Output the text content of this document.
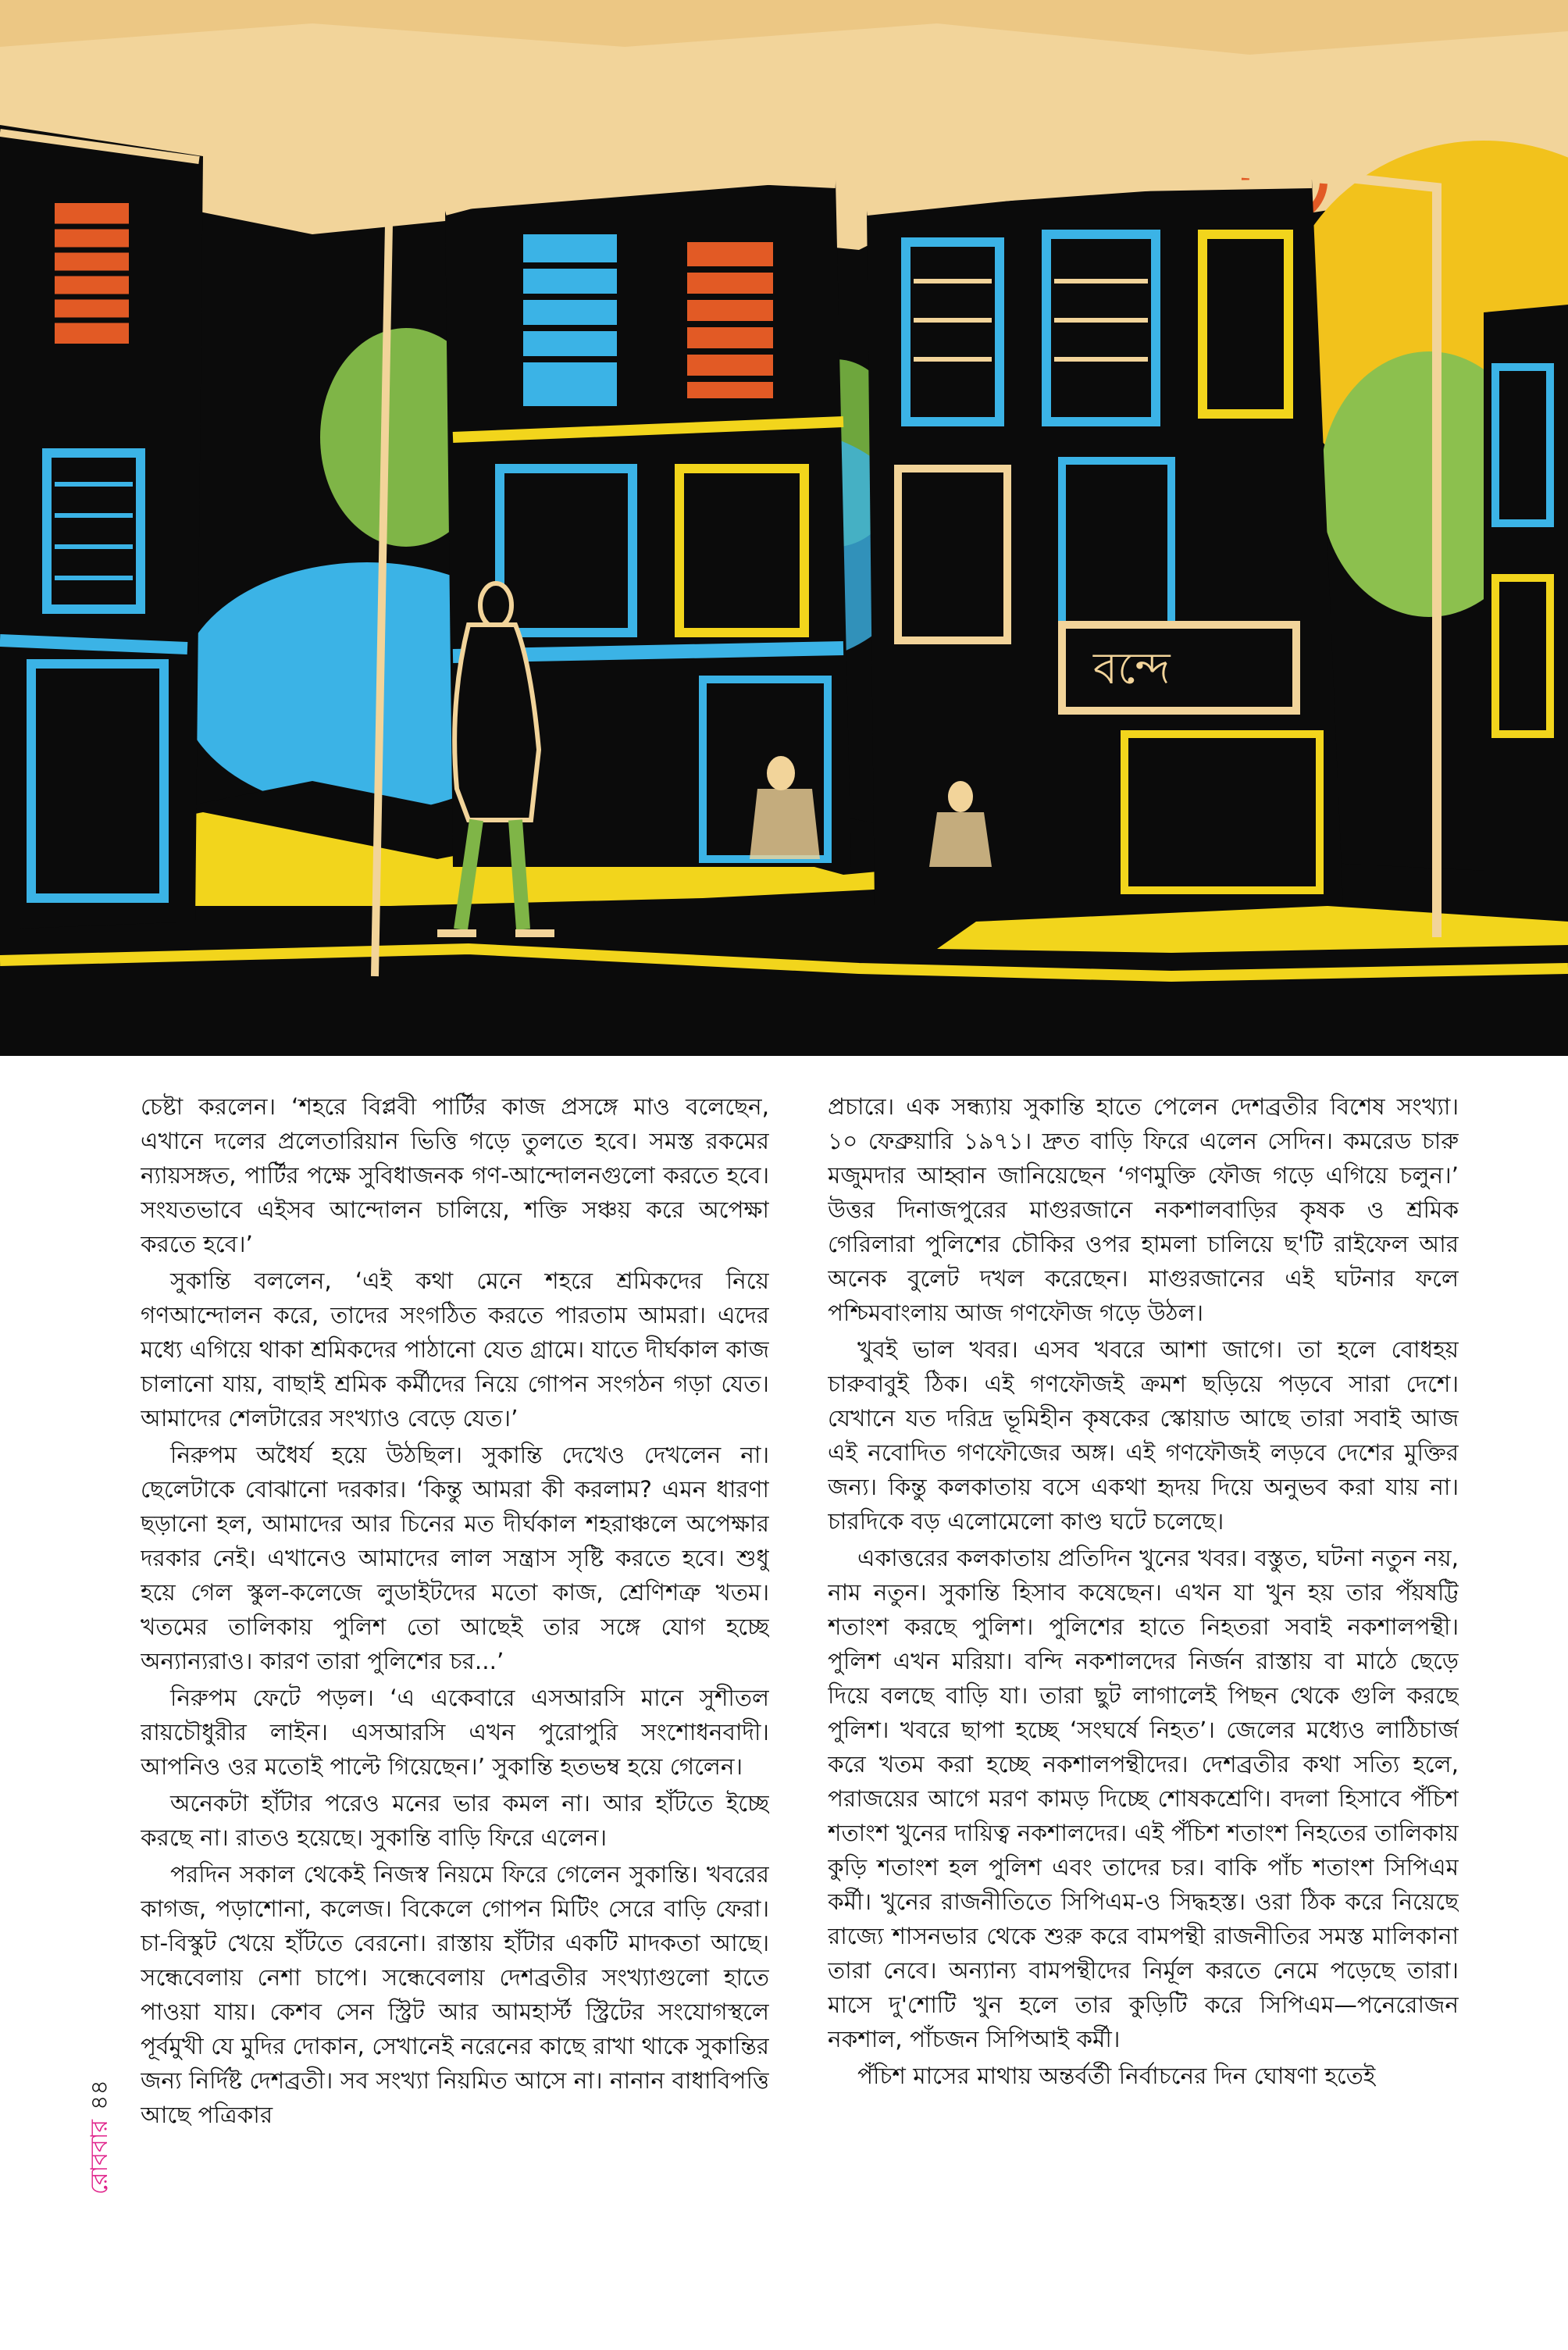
বন্দে
রোববার৪৪

চেষ্টা করলেন। ‘শহরে বিপ্লবী পার্টির কাজ প্রসঙ্গে মাও বলেছেন, এখানে দলের প্রলেতারিয়ান ভিত্তি গড়ে তুলতে হবে। সমস্ত রকমের ন্যায়সঙ্গত, পার্টির পক্ষে সুবিধাজনক গণ-আন্দোলনগুলো করতে হবে। সংযতভাবে এইসব আন্দোলন চালিয়ে, শক্তি সঞ্চয় করে অপেক্ষা করতে হবে।’

সুকান্তি বললেন, ‘এই কথা মেনে শহরে শ্রমিকদের নিয়ে গণআন্দোলন করে, তাদের সংগঠিত করতে পারতাম আমরা। এদের মধ্যে এগিয়ে থাকা শ্রমিকদের পাঠানো যেত গ্রামে। যাতে দীর্ঘকাল কাজ চালানো যায়, বাছাই শ্রমিক কর্মীদের নিয়ে গোপন সংগঠন গড়া যেত। আমাদের শেলটারের সংখ্যাও বেড়ে যেত।’

নিরুপম অধৈর্য হয়ে উঠছিল। সুকান্তি দেখেও দেখলেন না। ছেলেটাকে বোঝানো দরকার। ‘কিন্তু আমরা কী করলাম? এমন ধারণা ছড়ানো হল, আমাদের আর চিনের মত দীর্ঘকাল শহরাঞ্চলে অপেক্ষার দরকার নেই। এখানেও আমাদের লাল সন্ত্রাস সৃষ্টি করতে হবে। শুধু হয়ে গেল স্কুল-কলেজে লুডাইটদের মতো কাজ, শ্রেণিশত্রু খতম। খতমের তালিকায় পুলিশ তো আছেই তার সঙ্গে যোগ হচ্ছে অন্যান্যরাও। কারণ তারা পুলিশের চর...’

নিরুপম ফেটে পড়ল। ‘এ একেবারে এসআরসি মানে সুশীতল রায়চৌধুরীর লাইন। এসআরসি এখন পুরোপুরি সংশোধনবাদী। আপনিও ওর মতোই পাল্টে গিয়েছেন।’ সুকান্তি হতভম্ব হয়ে গেলেন।

অনেকটা হাঁটার পরেও মনের ভার কমল না। আর হাঁটতে ইচ্ছে করছে না। রাতও হয়েছে। সুকান্তি বাড়ি ফিরে এলেন।

পরদিন সকাল থেকেই নিজস্ব নিয়মে ফিরে গেলেন সুকান্তি। খবরের কাগজ, পড়াশোনা, কলেজ। বিকেলে গোপন মিটিং সেরে বাড়ি ফেরা। চা-বিস্কুট খেয়ে হাঁটতে বেরনো। রাস্তায় হাঁটার একটি মাদকতা আছে। সন্ধেবেলায় নেশা চাপে। সন্ধেবেলায় দেশব্রতীর সংখ্যাগুলো হাতে পাওয়া যায়। কেশব সেন স্ট্রিট আর আমহার্স্ট স্ট্রিটের সংযোগস্থলে পূর্বমুখী যে মুদির দোকান, সেখানেই নরেনের কাছে রাখা থাকে সুকান্তির জন্য নির্দিষ্ট দেশব্রতী। সব সংখ্যা নিয়মিত আসে না। নানান বাধাবিপত্তি আছে পত্রিকার

প্রচারে। এক সন্ধ্যায় সুকান্তি হাতে পেলেন দেশব্রতীর বিশেষ সংখ্যা। ১০ ফেব্রুয়ারি ১৯৭১। দ্রুত বাড়ি ফিরে এলেন সেদিন। কমরেড চারু মজুমদার আহ্বান জানিয়েছেন ‘গণমুক্তি ফৌজ গড়ে এগিয়ে চলুন।’ উত্তর দিনাজপুরের মাগুরজানে নকশালবাড়ির কৃষক ও শ্রমিক গেরিলারা পুলিশের চৌকির ওপর হামলা চালিয়ে ছ'টি রাইফেল আর অনেক বুলেট দখল করেছেন। মাগুরজানের এই ঘটনার ফলে পশ্চিমবাংলায় আজ গণফৌজ গড়ে উঠল।

খুবই ভাল খবর। এসব খবরে আশা জাগে। তা হলে বোধহয় চারুবাবুই ঠিক। এই গণফৌজই ক্রমশ ছড়িয়ে পড়বে সারা দেশে। যেখানে যত দরিদ্র ভূমিহীন কৃষকের স্কোয়াড আছে তারা সবাই আজ এই নবোদিত গণফৌজের অঙ্গ। এই গণফৌজই লড়বে দেশের মুক্তির জন্য। কিন্তু কলকাতায় বসে একথা হৃদয় দিয়ে অনুভব করা যায় না। চারদিকে বড় এলোমেলো কাণ্ড ঘটে চলেছে।

একাত্তরের কলকাতায় প্রতিদিন খুনের খবর। বস্তুত, ঘটনা নতুন নয়, নাম নতুন। সুকান্তি হিসাব কষেছেন। এখন যা খুন হয় তার পঁয়ষট্টি শতাংশ করছে পুলিশ। পুলিশের হাতে নিহতরা সবাই নকশালপন্থী। পুলিশ এখন মরিয়া। বন্দি নকশালদের নির্জন রাস্তায় বা মাঠে ছেড়ে দিয়ে বলছে বাড়ি যা। তারা ছুট লাগালেই পিছন থেকে গুলি করছে পুলিশ। খবরে ছাপা হচ্ছে ‘সংঘর্ষে নিহত’। জেলের মধ্যেও লাঠিচার্জ করে খতম করা হচ্ছে নকশালপন্থীদের। দেশব্রতীর কথা সত্যি হলে, পরাজয়ের আগে মরণ কামড় দিচ্ছে শোষকশ্রেণি। বদলা হিসাবে পঁচিশ শতাংশ খুনের দায়িত্ব নকশালদের। এই পঁচিশ শতাংশ নিহতের তালিকায় কুড়ি শতাংশ হল পুলিশ এবং তাদের চর। বাকি পাঁচ শতাংশ সিপিএম কর্মী। খুনের রাজনীতিতে সিপিএম-ও সিদ্ধহস্ত। ওরা ঠিক করে নিয়েছে রাজ্যে শাসনভার থেকে শুরু করে বামপন্থী রাজনীতির সমস্ত মালিকানা তারা নেবে। অন্যান্য বামপন্থীদের নির্মূল করতে নেমে পড়েছে তারা। মাসে দু'শোটি খুন হলে তার কুড়িটি করে সিপিএম—পনেরোজন নকশাল, পাঁচজন সিপিআই কর্মী।

পঁচিশ মাসের মাথায় অন্তর্বর্তী নির্বাচনের দিন ঘোষণা হতেই
